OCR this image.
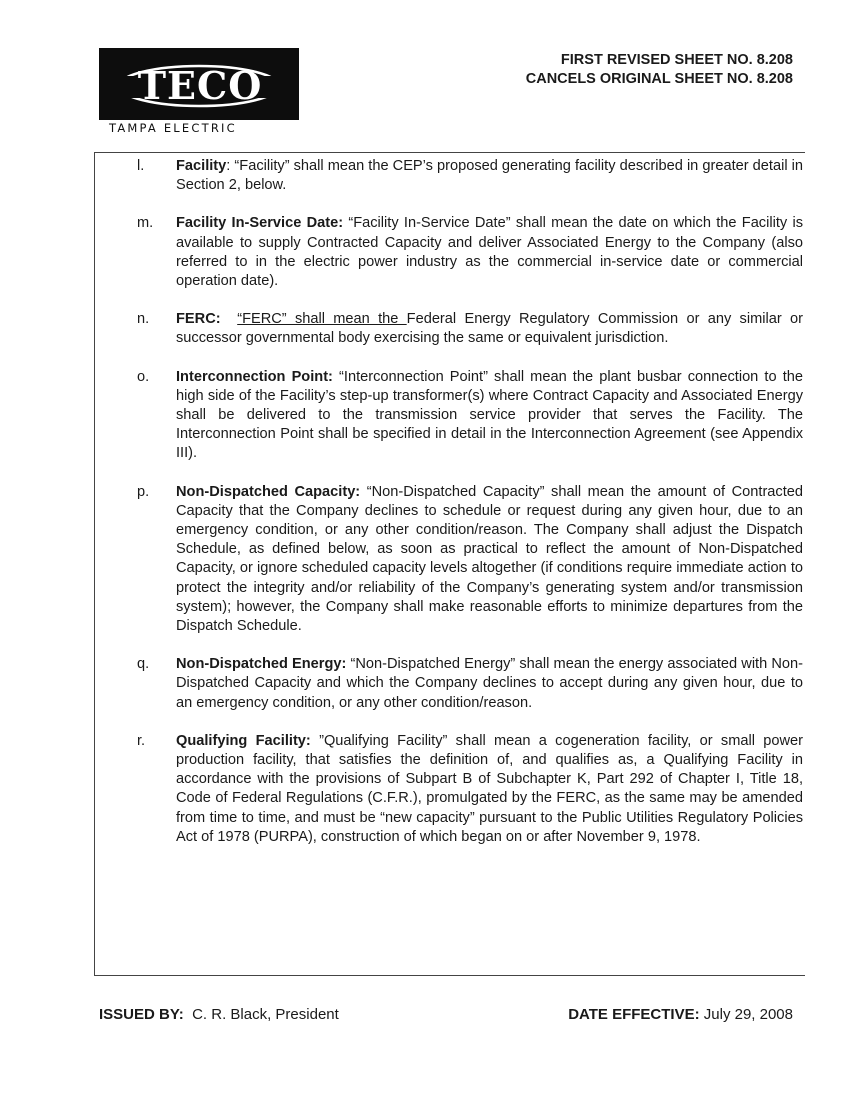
TECO
TAMPA ELECTRIC
FIRST REVISED SHEET NO. 8.208
CANCELS ORIGINAL SHEET NO. 8.208
l. Facility: “Facility” shall mean the CEP’s proposed generating facility described in greater detail in Section 2, below.
m. Facility In-Service Date: “Facility In-Service Date” shall mean the date on which the Facility is available to supply Contracted Capacity and deliver Associated Energy to the Company (also referred to in the electric power industry as the commercial in-service date or commercial operation date).
n. FERC: “FERC” shall mean the Federal Energy Regulatory Commission or any similar or successor governmental body exercising the same or equivalent jurisdiction.
o. Interconnection Point: “Interconnection Point” shall mean the plant busbar connection to the high side of the Facility’s step-up transformer(s) where Contract Capacity and Associated Energy shall be delivered to the transmission service provider that serves the Facility. The Interconnection Point shall be specified in detail in the Interconnection Agreement (see Appendix III).
p. Non-Dispatched Capacity: “Non-Dispatched Capacity” shall mean the amount of Contracted Capacity that the Company declines to schedule or request during any given hour, due to an emergency condition, or any other condition/reason. The Company shall adjust the Dispatch Schedule, as defined below, as soon as practical to reflect the amount of Non-Dispatched Capacity, or ignore scheduled capacity levels altogether (if conditions require immediate action to protect the integrity and/or reliability of the Company’s generating system and/or transmission system); however, the Company shall make reasonable efforts to minimize departures from the Dispatch Schedule.
q. Non-Dispatched Energy: “Non-Dispatched Energy” shall mean the energy associated with Non-Dispatched Capacity and which the Company declines to accept during any given hour, due to an emergency condition, or any other condition/reason.
r. Qualifying Facility: ”Qualifying Facility” shall mean a cogeneration facility, or small power production facility, that satisfies the definition of, and qualifies as, a Qualifying Facility in accordance with the provisions of Subpart B of Subchapter K, Part 292 of Chapter I, Title 18, Code of Federal Regulations (C.F.R.), promulgated by the FERC, as the same may be amended from time to time, and must be “new capacity” pursuant to the Public Utilities Regulatory Policies Act of 1978 (PURPA), construction of which began on or after November 9, 1978.
ISSUED BY: C. R. Black, President	DATE EFFECTIVE: July 29, 2008
